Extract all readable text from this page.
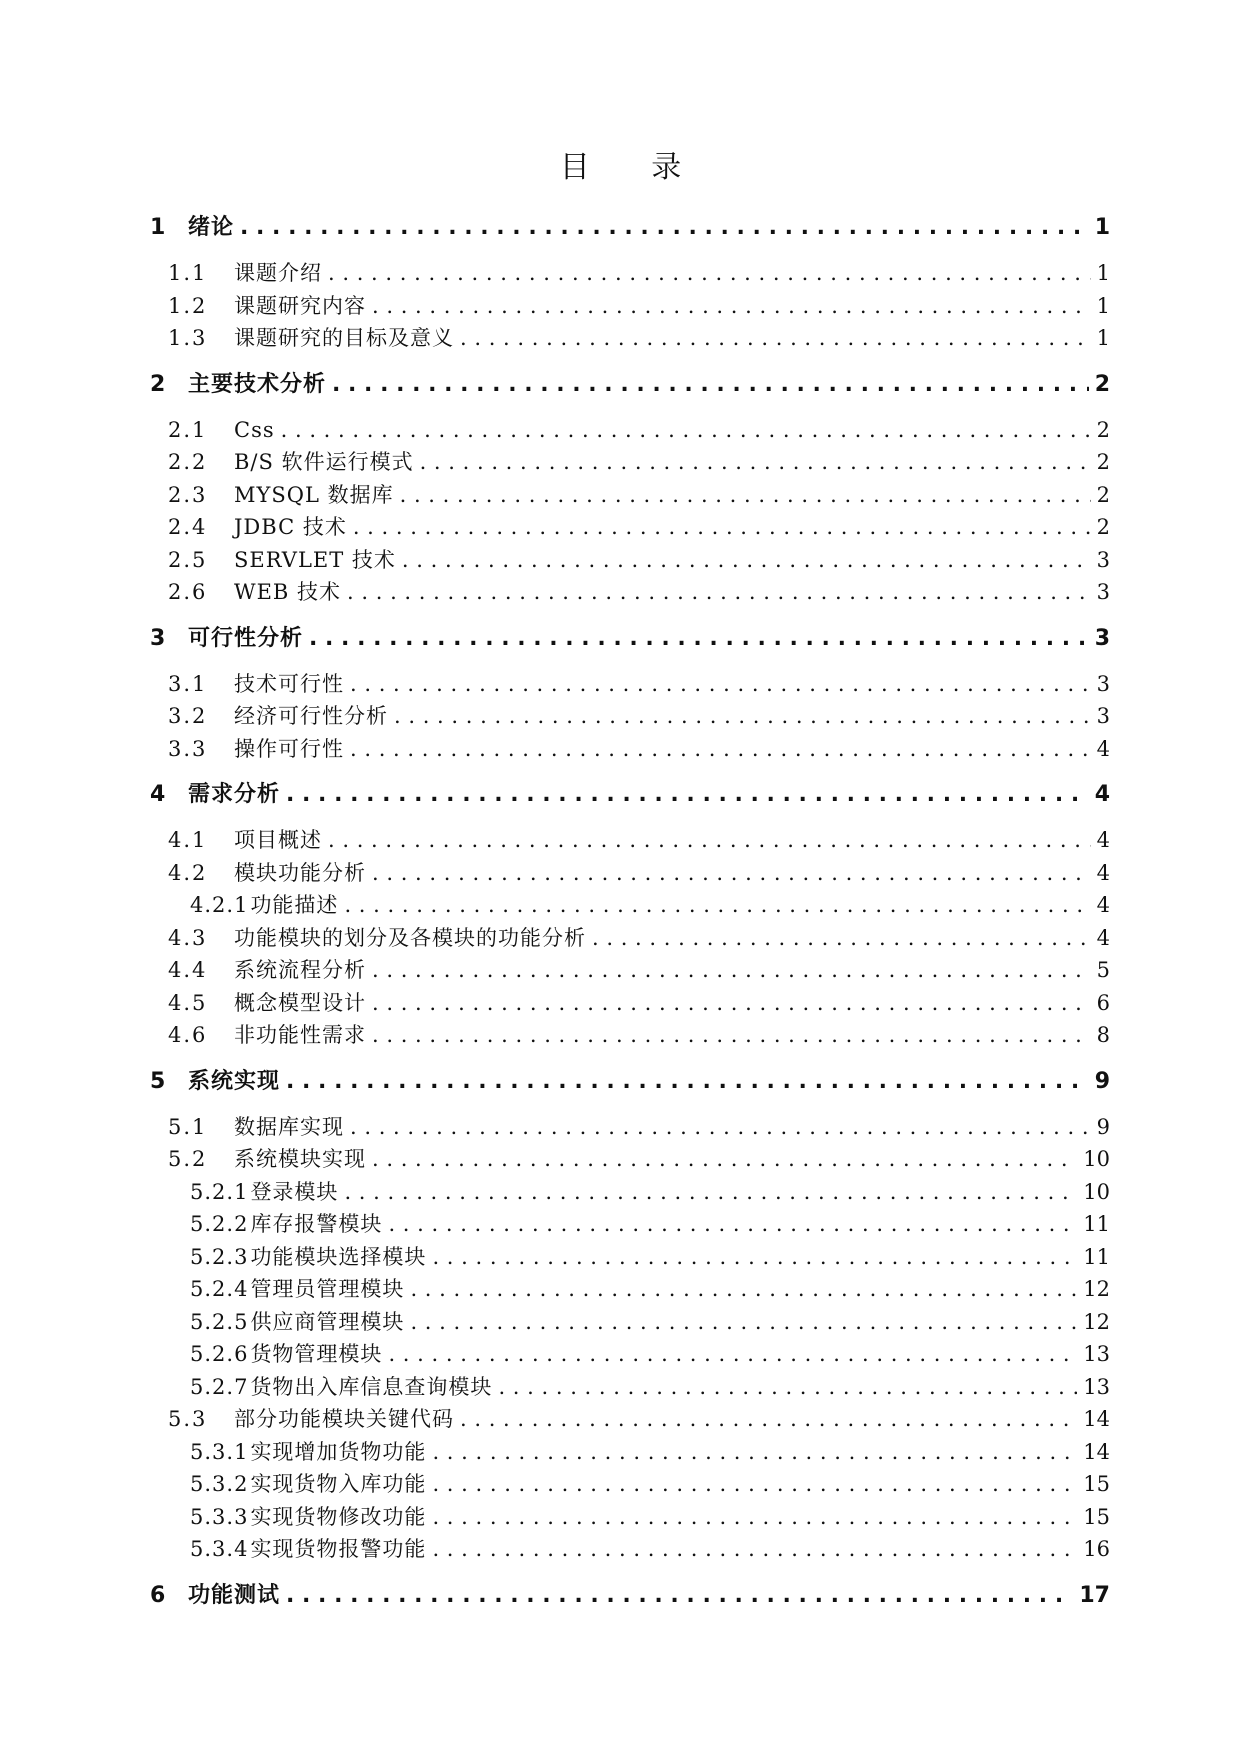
目 录
1	绪论 . . .	1
1.1	课题介绍 . . .	1
1.2	课题研究内容 . . .	1
1.3	课题研究的目标及意义 . . .	1
2	主要技术分析 . . .	2
2.1	Css . . .	2
2.2	B/S 软件运行模式 . . .	2
2.3	MYSQL 数据库 . . .	2
2.4	JDBC 技术 . . .	2
2.5	SERVLET 技术 . . .	3
2.6	WEB 技术 . . .	3
3	可行性分析 . . .	3
3.1	技术可行性 . . .	3
3.2	经济可行性分析 . . .	3
3.3	操作可行性 . . .	4
4	需求分析 . . .	4
4.1	项目概述 . . .	4
4.2	模块功能分析 . . .	4
4.2.1 功能描述 . . .	4
4.3	功能模块的划分及各模块的功能分析 . . .	4
4.4	系统流程分析 . . .	5
4.5	概念模型设计 . . .	6
4.6	非功能性需求 . . .	8
5	系统实现 . . .	9
5.1	数据库实现 . . .	9
5.2	系统模块实现 . . .	10
5.2.1 登录模块 . . .	10
5.2.2 库存报警模块 . . .	11
5.2.3 功能模块选择模块 . . .	11
5.2.4 管理员管理模块 . . .	12
5.2.5 供应商管理模块 . . .	12
5.2.6 货物管理模块 . . .	13
5.2.7 货物出入库信息查询模块 . . .	13
5.3	部分功能模块关键代码 . . .	14
5.3.1 实现增加货物功能 . . .	14
5.3.2 实现货物入库功能 . . .	15
5.3.3 实现货物修改功能 . . .	15
5.3.4 实现货物报警功能 . . .	16
6	功能测试 . . .	17
